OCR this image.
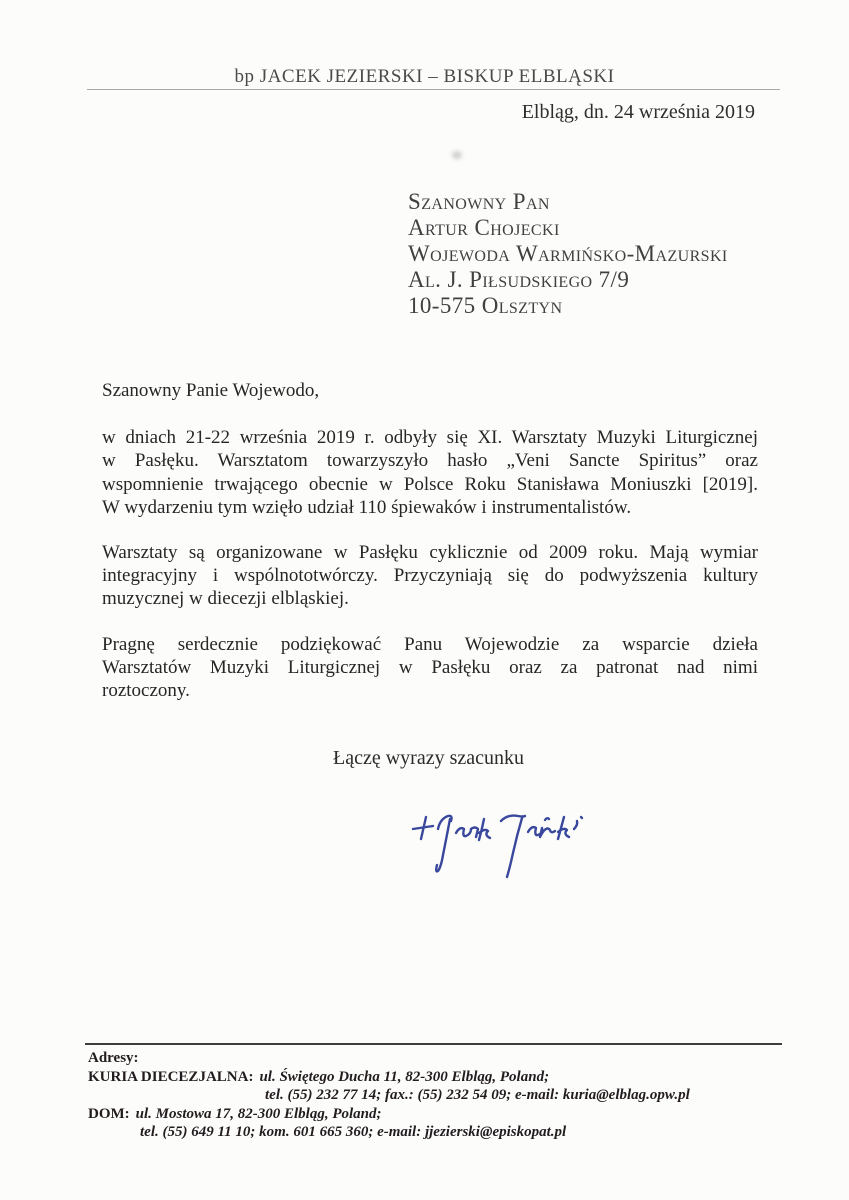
bp JACEK JEZIERSKI – BISKUP ELBLĄSKI
Elbląg, dn. 24 września 2019
Szanowny Pan
Artur Chojecki
Wojewoda Warmińsko-Mazurski
Al. J. Piłsudskiego 7/9
10-575 Olsztyn
Szanowny Panie Wojewodo,
w dniach 21-22 września 2019 r. odbyły się XI. Warsztaty Muzyki Liturgicznej
w Pasłęku. Warsztatom towarzyszyło hasło „Veni Sancte Spiritus” oraz
wspomnienie trwającego obecnie w Polsce Roku Stanisława Moniuszki [2019].
W wydarzeniu tym wzięło udział 110 śpiewaków i instrumentalistów.
Warsztaty są organizowane w Pasłęku cyklicznie od 2009 roku. Mają wymiar
integracyjny i wspólnototwórczy. Przyczyniają się do podwyższenia kultury
muzycznej w diecezji elbląskiej.
Pragnę serdecznie podziękować Panu Wojewodzie za wsparcie dzieła
Warsztatów Muzyki Liturgicznej w Pasłęku oraz za patronat nad nimi
roztoczony.
Łączę wyrazy szacunku
Adresy:
KURIA DIECEZJALNA: ul. Świętego Ducha 11, 82-300 Elbląg, Poland;
tel. (55) 232 77 14; fax.: (55) 232 54 09; e-mail: kuria@elblag.opw.pl
DOM: ul. Mostowa 17, 82-300 Elbląg, Poland;
tel. (55) 649 11 10; kom. 601 665 360; e-mail: jjezierski@episkopat.pl
